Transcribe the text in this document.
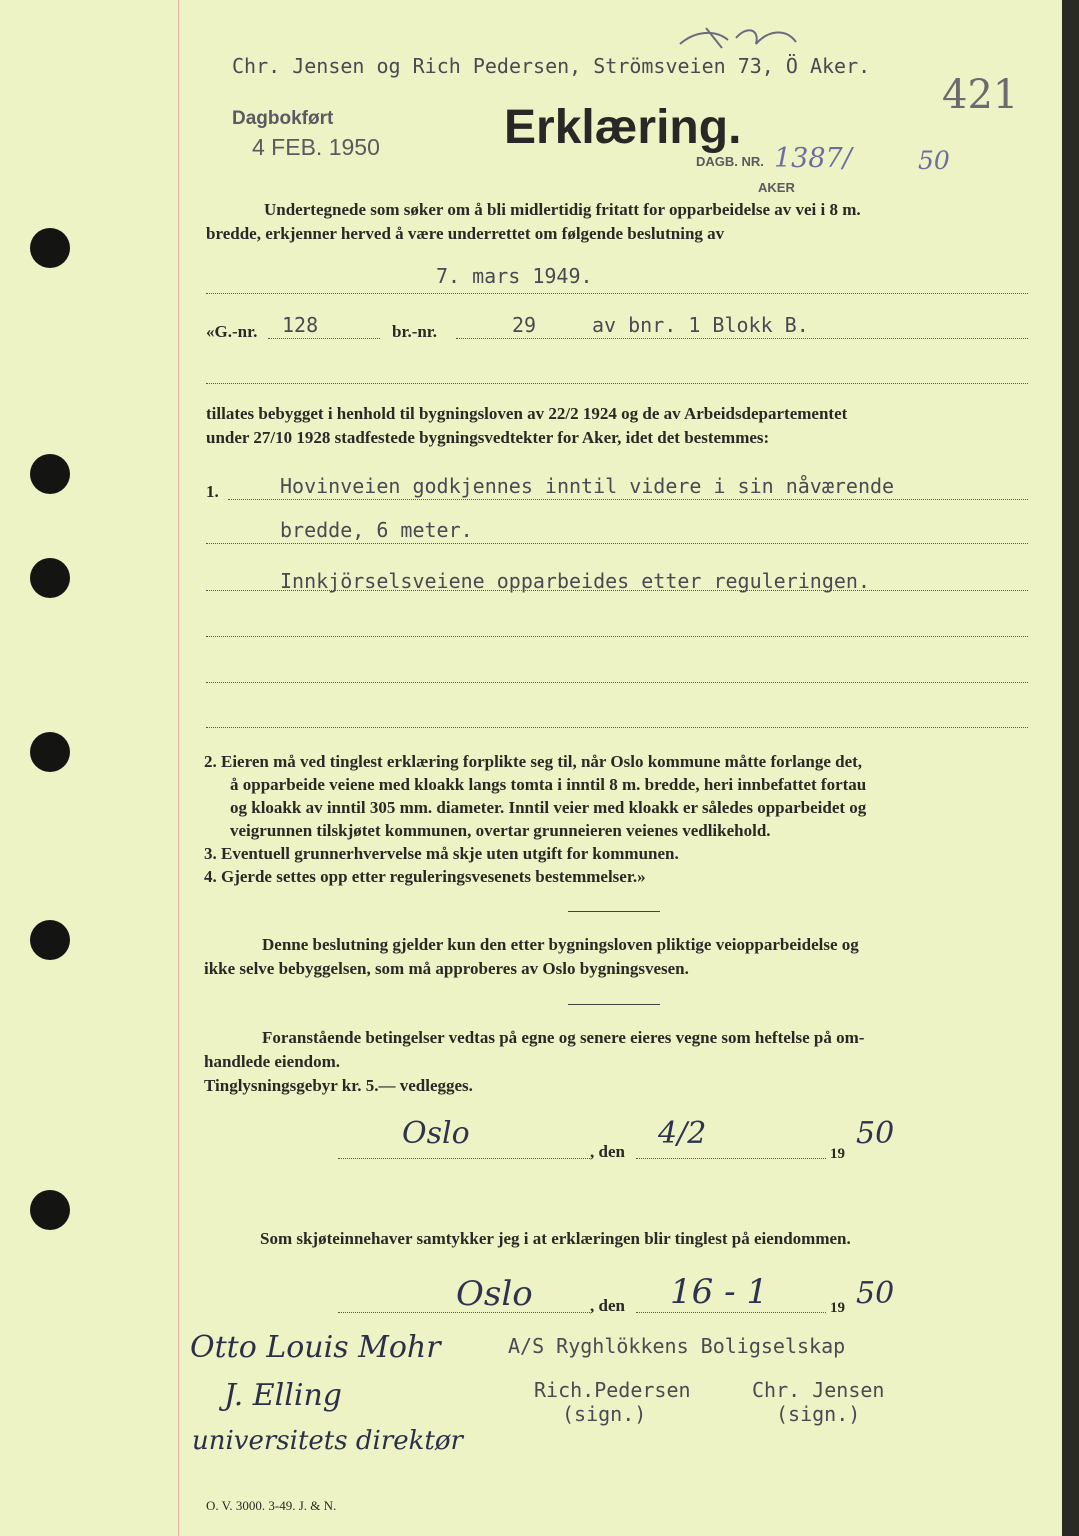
Chr. Jensen og Rich Pedersen, Strömsveien 73, Ö Aker.
421
Dagbokført
4 FEB. 1950	Erklæring.
DAGB. NR. 1387/	50
AKER
Undertegnede som søker om å bli midlertidig fritatt for opparbeidelse av vei i 8 m.
bredde, erkjenner herved å være underrettet om følgende beslutning av
7. mars 1949.
«G.-nr. 128	br.-nr.	29	av bnr. 1 Blokk B.
tillates bebygget i henhold til bygningsloven av 22/2 1924 og de av Arbeidsdepartementet
under 27/10 1928 stadfestede bygningsvedtekter for Aker, idet det bestemmes:
1.	Hovinveien godkjennes inntil videre i sin nåværende
bredde, 6 meter.
Innkjörselsveiene opparbeides etter reguleringen.

2. Eieren må ved tinglest erklæring forplikte seg til, når Oslo kommune måtte forlange det,

å opparbeide veiene med kloakk langs tomta i inntil 8 m. bredde, heri innbefattet fortau

og kloakk av inntil 305 mm. diameter. Inntil veier med kloakk er således opparbeidet og

veigrunnen tilskjøtet kommunen, overtar grunneieren veienes vedlikehold.

3. Eventuell grunnerhvervelse må skje uten utgift for kommunen.

4. Gjerde settes opp etter reguleringsvesenets bestemmelser.»

Denne beslutning gjelder kun den etter bygningsloven pliktige veiopparbeidelse og
ikke selve bebyggelsen, som må approberes av Oslo bygningsvesen.
Foranstående betingelser vedtas på egne og senere eieres vegne som heftelse på om-
handlede eiendom.
Tinglysningsgebyr kr. 5.— vedlegges.
Oslo
, den
4/2
19
50
Som skjøteinnehaver samtykker jeg i at erklæringen blir tinglest på eiendommen.
Oslo	, den 16 - 1	19 50
A/S Ryghlökkens Boligselskap
Rich.Pedersen
(sign.)
Chr. Jensen
(sign.)
Otto Louis Mohr
J. Elling
universitets direktør
O. V. 3000. 3-49. J. & N.
